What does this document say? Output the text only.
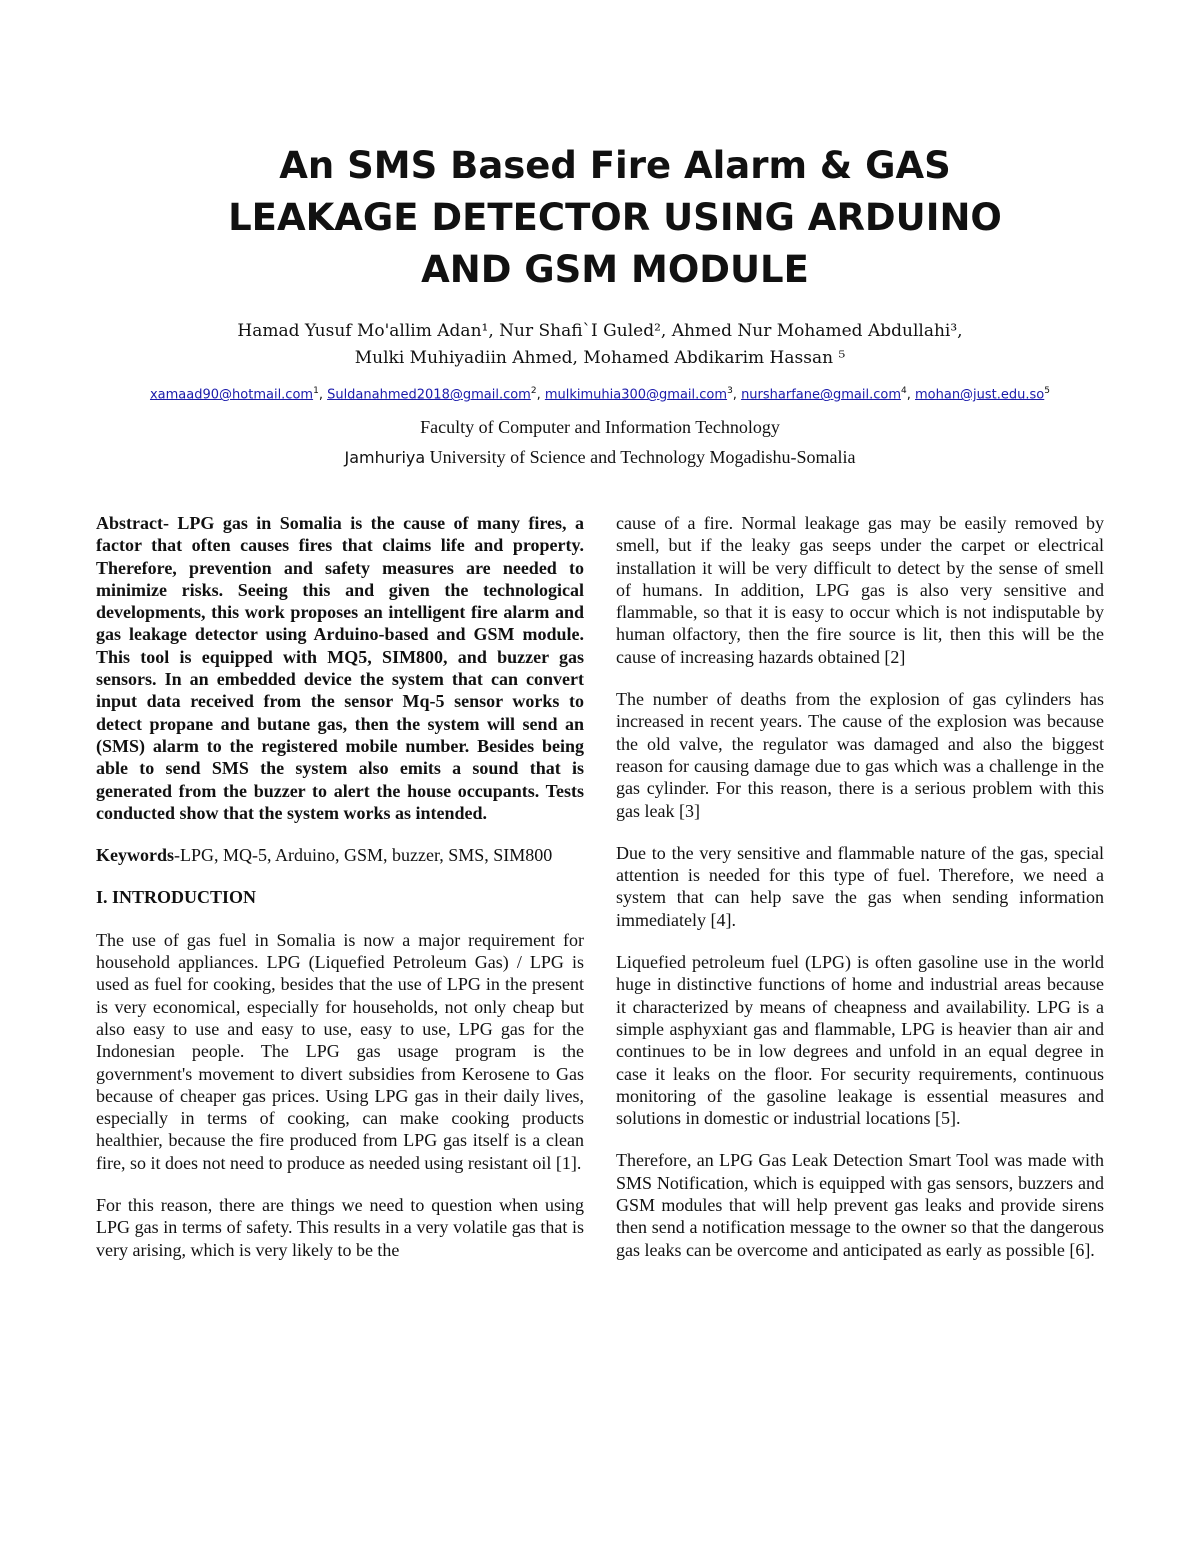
An SMS Based Fire Alarm & GAS
LEAKAGE DETECTOR USING ARDUINO
AND GSM MODULE
Hamad Yusuf Mo'allim Adan¹, Nur Shafi`I Guled², Ahmed Nur Mohamed Abdullahi³,
Mulki Muhiyadiin Ahmed, Mohamed Abdikarim Hassan ⁵
xamaad90@hotmail.com$^1$, Suldanahmed2018@gmail.com$^2$, mulkimuhia300@gmail.com$^3$, nursharfane@gmail.com$^4$, $mohan@just.edu.so^5$
Faculty of Computer and Information Technology
Jamhuriya University of Science and Technology Mogadishu-Somalia

Abstract- LPG gas in Somalia is the cause of many fires, a factor that often causes fires that claims life and property. Therefore, prevention and safety measures are needed to minimize risks. Seeing this and given the technological developments, this work proposes an intelligent fire alarm and gas leakage detector using Arduino-based and GSM module. This tool is equipped with MQ5, SIM800, and buzzer gas sensors. In an embedded device the system that can convert input data received from the sensor Mq-5 sensor works to detect propane and butane gas, then the system will send an (SMS) alarm to the registered mobile number. Besides being able to send SMS the system also emits a sound that is generated from the buzzer to alert the house occupants. Tests conducted show that the system works as intended.

Keywords-LPG, MQ-5, Arduino, GSM, buzzer, SMS, SIM800

I. INTRODUCTION

The use of gas fuel in Somalia is now a major requirement for household appliances. LPG (Liquefied Petroleum Gas) / LPG is used as fuel for cooking, besides that the use of LPG in the present is very economical, especially for households, not only cheap but also easy to use and easy to use, easy to use, LPG gas for the Indonesian people. The LPG gas usage program is the government's movement to divert subsidies from Kerosene to Gas because of cheaper gas prices. Using LPG gas in their daily lives, especially in terms of cooking, can make cooking products healthier, because the fire produced from LPG gas itself is a clean fire, so it does not need to produce as needed using resistant oil [1].

For this reason, there are things we need to question when using LPG gas in terms of safety. This results in a very volatile gas that is very arising, which is very likely to be the

cause of a fire. Normal leakage gas may be easily removed by smell, but if the leaky gas seeps under the carpet or electrical installation it will be very difficult to detect by the sense of smell of humans. In addition, LPG gas is also very sensitive and flammable, so that it is easy to occur which is not indisputable by human olfactory, then the fire source is lit, then this will be the cause of increasing hazards obtained [2]

The number of deaths from the explosion of gas cylinders has increased in recent years. The cause of the explosion was because the old valve, the regulator was damaged and also the biggest reason for causing damage due to gas which was a challenge in the gas cylinder. For this reason, there is a serious problem with this gas leak [3]

Due to the very sensitive and flammable nature of the gas, special attention is needed for this type of fuel. Therefore, we need a system that can help save the gas when sending information immediately [4].

Liquefied petroleum fuel (LPG) is often gasoline use in the world huge in distinctive functions of home and industrial areas because it characterized by means of cheapness and availability. LPG is a simple asphyxiant gas and flammable, LPG is heavier than air and continues to be in low degrees and unfold in an equal degree in case it leaks on the floor. For security requirements, continuous monitoring of the gasoline leakage is essential measures and solutions in domestic or industrial locations [5].

Therefore, an LPG Gas Leak Detection Smart Tool was made with SMS Notification, which is equipped with gas sensors, buzzers and GSM modules that will help prevent gas leaks and provide sirens then send a notification message to the owner so that the dangerous gas leaks can be overcome and anticipated as early as possible [6].
